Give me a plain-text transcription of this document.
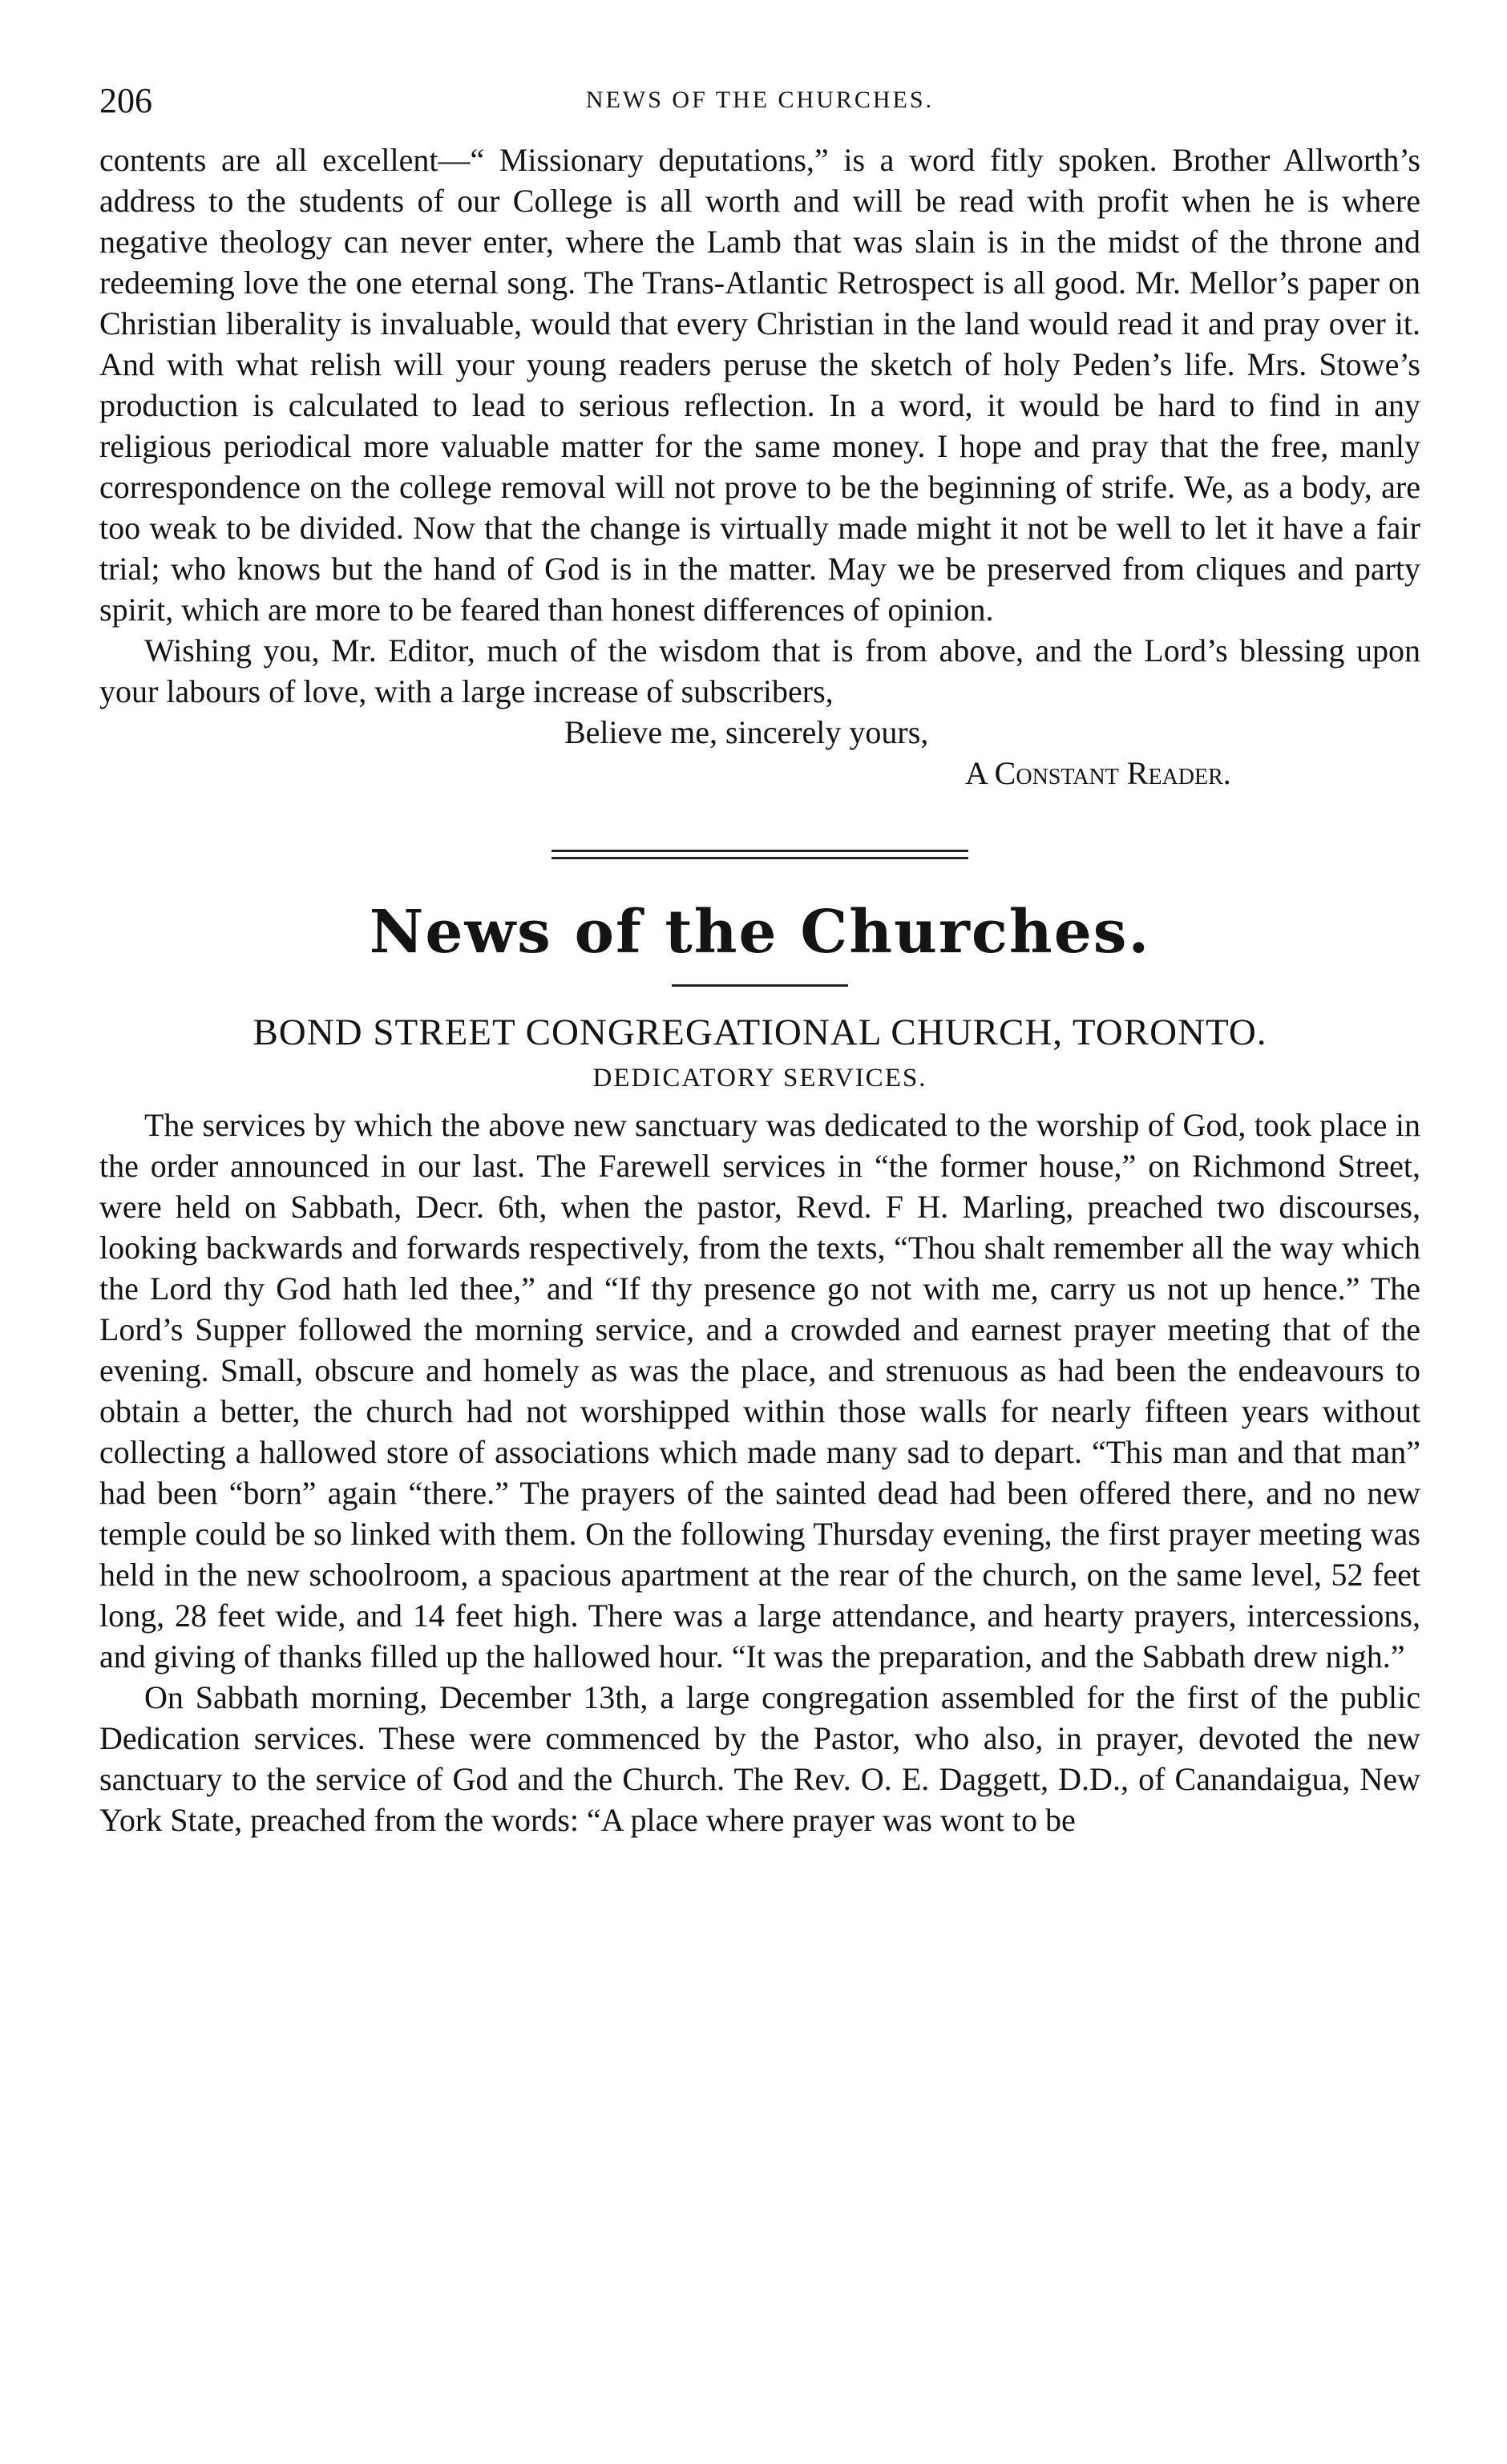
206	NEWS OF THE CHURCHES.

contents are all excellent—“ Missionary deputations,” is a word fitly spoken. Brother Allworth’s address to the students of our College is all worth and will be read with profit when he is where negative theology can never enter, where the Lamb that was slain is in the midst of the throne and redeeming love the one eternal song. The Trans-Atlantic Retrospect is all good. Mr. Mellor’s paper on Christian liberality is invaluable, would that every Christian in the land would read it and pray over it. And with what relish will your young readers peruse the sketch of holy Peden’s life. Mrs. Stowe’s production is calculated to lead to serious reflection. In a word, it would be hard to find in any religious periodical more valuable matter for the same money. I hope and pray that the free, manly correspondence on the college removal will not prove to be the beginning of strife. We, as a body, are too weak to be divided. Now that the change is virtually made might it not be well to let it have a fair trial; who knows but the hand of God is in the matter. May we be preserved from cliques and party spirit, which are more to be feared than honest differences of opinion.

Wishing you, Mr. Editor, much of the wisdom that is from above, and the Lord’s blessing upon your labours of love, with a large increase of subscribers,

Believe me, sincerely yours,
A Constant Reader.
News of the Churches.
BOND STREET CONGREGATIONAL CHURCH, TORONTO.
DEDICATORY SERVICES.

The services by which the above new sanctuary was dedicated to the worship of God, took place in the order announced in our last. The Farewell services in “the former house,” on Richmond Street, were held on Sabbath, Decr. 6th, when the pastor, Revd. F H. Marling, preached two discourses, looking backwards and forwards respectively, from the texts, “Thou shalt remember all the way which the Lord thy God hath led thee,” and “If thy presence go not with me, carry us not up hence.” The Lord’s Supper followed the morning service, and a crowded and earnest prayer meeting that of the evening. Small, obscure and homely as was the place, and strenuous as had been the endeavours to obtain a better, the church had not worshipped within those walls for nearly fifteen years without collecting a hallowed store of associations which made many sad to depart. “This man and that man” had been “born” again “there.” The prayers of the sainted dead had been offered there, and no new temple could be so linked with them. On the following Thursday evening, the first prayer meeting was held in the new schoolroom, a spacious apartment at the rear of the church, on the same level, 52 feet long, 28 feet wide, and 14 feet high. There was a large attendance, and hearty prayers, intercessions, and giving of thanks filled up the hallowed hour. “It was the preparation, and the Sabbath drew nigh.”

On Sabbath morning, December 13th, a large congregation assembled for the first of the public Dedication services. These were commenced by the Pastor, who also, in prayer, devoted the new sanctuary to the service of God and the Church. The Rev. O. E. Daggett, D.D., of Canandaigua, New York State, preached from the words: “A place where prayer was wont to be
